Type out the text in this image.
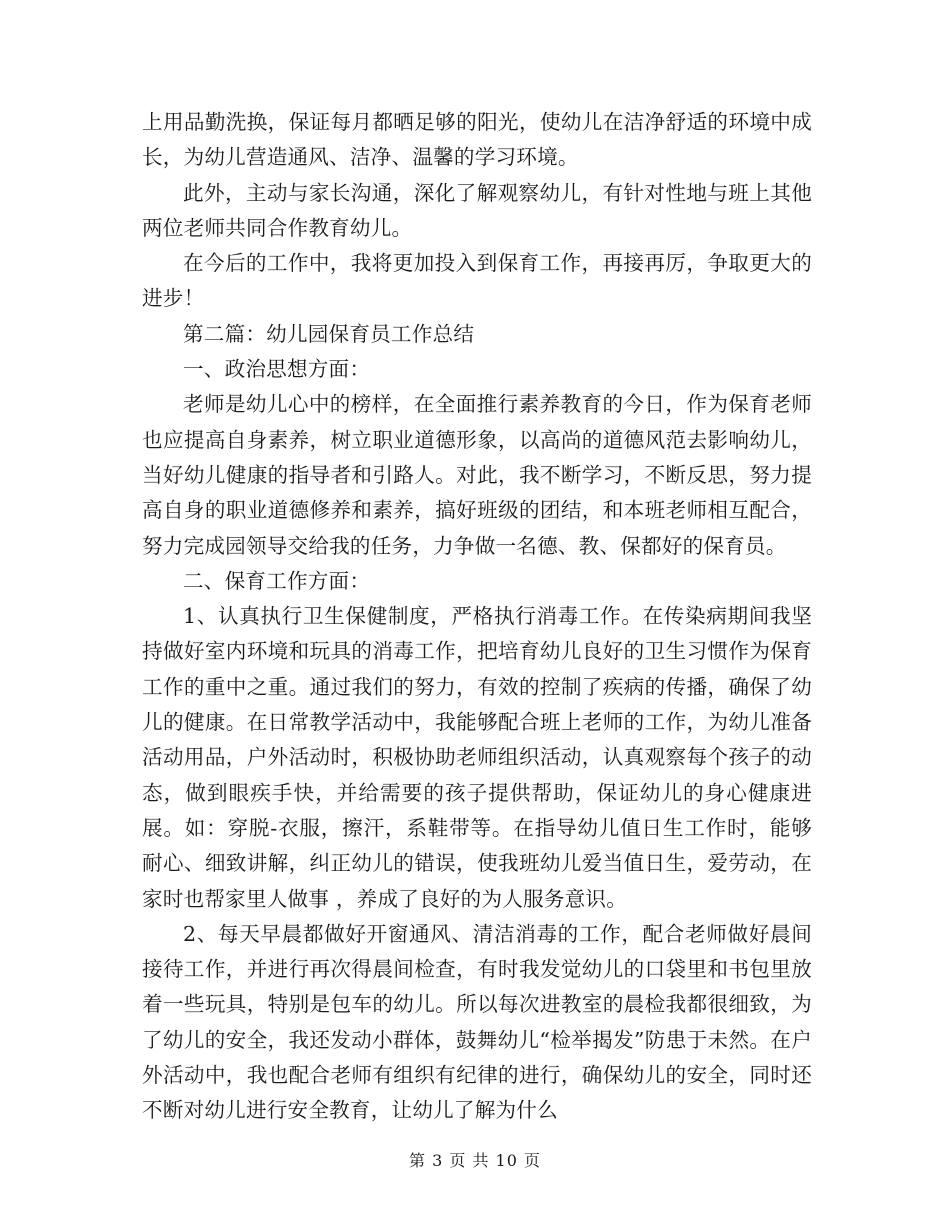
上用品勤洗换，保证每月都晒足够的阳光，使幼儿在洁净舒适的环境中成长，为幼儿营造通风、洁净、温馨的学习环境。

此外，主动与家长沟通，深化了解观察幼儿，有针对性地与班上其他两位老师共同合作教育幼儿。

在今后的工作中，我将更加投入到保育工作，再接再厉，争取更大的进步！

第二篇：幼儿园保育员工作总结

一、政治思想方面：

老师是幼儿心中的榜样，在全面推行素养教育的今日，作为保育老师也应提高自身素养，树立职业道德形象，以高尚的道德风范去影响幼儿，当好幼儿健康的指导者和引路人。对此，我不断学习，不断反思，努力提高自身的职业道德修养和素养，搞好班级的团结，和本班老师相互配合，努力完成园领导交给我的任务，力争做一名德、教、保都好的保育员。

二、保育工作方面：

1、认真执行卫生保健制度，严格执行消毒工作。在传染病期间我坚持做好室内环境和玩具的消毒工作，把培育幼儿良好的卫生习惯作为保育工作的重中之重。通过我们的努力，有效的控制了疾病的传播，确保了幼儿的健康。在日常教学活动中，我能够配合班上老师的工作，为幼儿准备活动用品，户外活动时，积极协助老师组织活动，认真观察每个孩子的动态，做到眼疾手快，并给需要的孩子提供帮助，保证幼儿的身心健康进展。如：穿脱-衣服，擦汗，系鞋带等。在指导幼儿值日生工作时，能够耐心、细致讲解，纠正幼儿的错误，使我班幼儿爱当值日生，爱劳动，在家时也帮家里人做事 ，养成了良好的为人服务意识。

2、每天早晨都做好开窗通风、清洁消毒的工作，配合老师做好晨间接待工作，并进行再次得晨间检查，有时我发觉幼儿的口袋里和书包里放着一些玩具，特别是包车的幼儿。所以每次进教室的晨检我都很细致，为了幼儿的安全，我还发动小群体，鼓舞幼儿“检举揭发”防患于未然。在户外活动中，我也配合老师有组织有纪律的进行，确保幼儿的安全，同时还不断对幼儿进行安全教育，让幼儿了解为什么

第 3 页 共 10 页
